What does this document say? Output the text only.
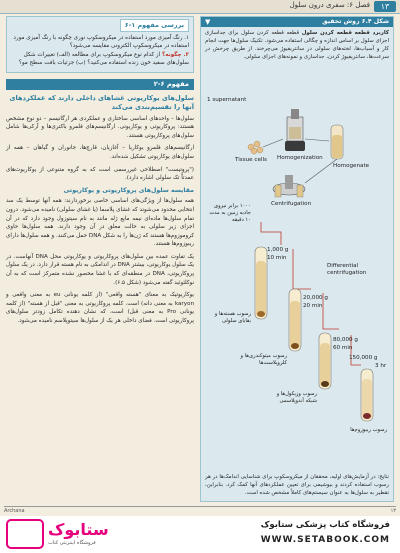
۱۳
فصل ۶: سفری درون سلول
بررسی مفهوم ۱-۶

۱. رنگ آمیزی مورد استفاده در میکروسکوپ نوری چگونه با رنگ آمیزی مورد استفاده در میکروسکوپ الکترونی مقایسه می‌شود؟

۲. چگونه؟ از کدام نوع میکروسکوپ برای مطالعه (الف) تغییرات شکل سلول‌های سفید خون زنده استفاده می‌کنید؟ (ب) جزئیات بافت سطح مو؟

مفهوم ۶-۲
سلول‌های یوکاریوتی غشاهای داخلی دارند که عملکردهای آنها را تقسیم‌بندی می‌کند

سلول‌ها – واحدهای اساسی ساختاری و عملکردی هر ارگانیسم – دو نوع مشخص هستند: پروکاریوتی و یوکاریوتی. ارگانیسم‌های قلمرو باکتری‌ها و آرکی‌ها شامل سلول‌های پروکاریوتی هستند.

ارگانیسم‌های قلمرو یوکاریا – آغازیان، قارچ‌ها، جانوران و گیاهان – همه از سلول‌های یوکاریوتی تشکیل شده‌اند.

("پروتیست" اصطلاحی غیررسمی است که به گروه متنوعی از یوکاریوت‌های عمدتاً تک سلولی اشاره دارد).

مقایسه سلول‌های پروکاریوتی و یوکاریوتی

همه سلول‌ها از ویژگی‌های اساسی خاصی برخوردارند: همه آنها توسط یک سد انتخابی محدود می‌شوند که غشای پلاسما (یا غشای سلولی) نامیده می‌شود. درون تمام سلول‌ها ماده‌ای نیمه مایع ژله مانند به نام سیتوزول وجود دارد که در آن اجزای زیر سلولی به حالت معلق در آن وجود دارند. همه سلول‌ها حاوی کروموزوم‌ها هستند که ژن‌ها را به شکل DNA حمل می‌کنند. و همه سلول‌ها دارای ریبوزوم‌ها هستند.

یک تفاوت عمده بین سلول‌های پروکاریوتی و یوکاریوتی محل DNA آنهاست. در یک سلول یوکاریوتی، بیشتر DNA در اندامکی به نام هسته قرار دارد. در یک سلول پروکاریوتی، DNA در منطقه‌ای که با غشا محصور نشده متمرکز است که به آن نوکلئوئید گفته می‌شود (شکل ۶.۵).

یوکاریوتیک به معنای "هسته واقعی" (از کلمه یونانی eu به معنی واقعی و karyon به معنی دانه) است. کلمه پروکاریوتی به معنی "قبل از هسته" (از کلمه یونانی Pro به معنی قبل) است، که نشان دهنده تکامل زودتر سلول‌های پروکاریوتی است. فضای داخلی هر یک از سلول‌ها سیتوپلاسم نامیده می‌شود.

شکل ۶.۴ روش تحقیق
▼
کاربرد قطعه قطعه کردن سلول قطعه قطعه کردن سلول برای جداسازی اجزای سلول بر اساس اندازه و چگالی استفاده می‌شود. تکنیک سلول‌ها جهت انجام کار و آسیاب‌ها، لخته‌های سلولی در سانتریفیوژ می‌چرخند. از طریق چرخش در سرعت‌ها، سانتریفیوژ کردن، جداسازی و نمونه‌های اجزای سلولی.
1 supernatant
Tissue cells Homogenization
Homogenate
Centrifugation
Differential centrifugation
۱۰۰۰ برابر نیروی جاذبه زمین به مدت ۱۰ دقیقه
1,000 g
10 min
20,000 g
20 min
80,000 g
60 min
150,000 g
3 hr
رسوب هسته‌ها و بقایای سلولی
رسوب میتوکندری‌ها و کلروپلاست‌ها
رسوب وزیکول‌ها و شبکه آندوپلاسمی
رسوب ریبوزوم‌ها
نتایج: در آزمایش‌های اولیه، محققان از میکروسکوپ برای شناسایی اندامک‌ها در هر رسوب استفاده کردند و بیوشیمی برای تعیین عملکردهای آنها کمک کرد. بنابراین، تقطیر به سلول‌ها به عنوان سیستم‌های کاملاً مشخص شده است.
Archana	۱۳
ستابوک
فروشگاه اینترنتی کتاب
فروشگاه کتاب پزشکی ستابوک
WWW.SETABOOK.COM
